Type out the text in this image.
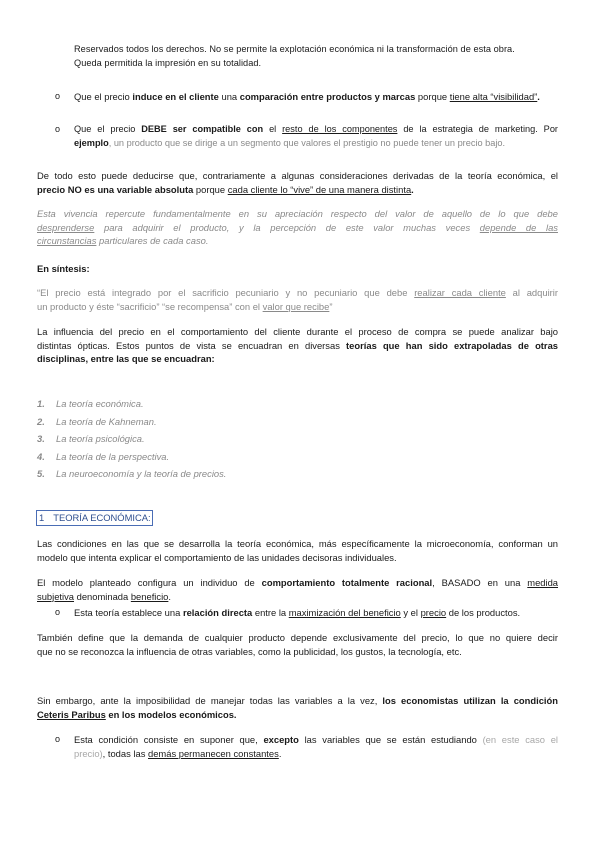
Reservados todos los derechos. No se permite la explotación económica ni la transformación de esta obra.
Queda permitida la impresión en su totalidad.

o Que el precio induce en el cliente una comparación entre productos y marcas porque tiene alta “visibilidad”.

o Que el precio DEBE ser compatible con el resto de los componentes de la estrategia de marketing. Por
ejemplo, un producto que se dirige a un segmento que valores el prestigio no puede tener un precio bajo.

De todo esto puede deducirse que, contrariamente a algunas consideraciones derivadas de la teoría económica, el
precio NO es una variable absoluta porque cada cliente lo “vive” de una manera distinta.

Esta vivencia repercute fundamentalmente en su apreciación respecto del valor de aquello de lo que debe
desprenderse para adquirir el producto, y la percepción de este valor muchas veces depende de las
circunstancias particulares de cada caso.

En síntesis:

“El precio está integrado por el sacrificio pecuniario y no pecuniario que debe realizar cada cliente al adquirir
un producto y éste “sacrificio” “se recompensa” con el valor que recibe”

La influencia del precio en el comportamiento del cliente durante el proceso de compra se puede analizar bajo
distintas ópticas. Estos puntos de vista se encuadran en diversas teorías que han sido extrapoladas de otras
disciplinas, entre las que se encuadran:

1. La teoría económica.
2. La teoría de Kahneman.
3. La teoría psicológica.
4. La teoría de la perspectiva.
5. La neuroeconomía y la teoría de precios.
1 TEORÍA ECONÓMICA:

Las condiciones en las que se desarrolla la teoría económica, más específicamente la microeconomía, conforman un
modelo que intenta explicar el comportamiento de las unidades decisoras individuales.

El modelo planteado configura un individuo de comportamiento totalmente racional, BASADO en una medida
subjetiva denominada beneficio.

o Esta teoría establece una relación directa entre la maximización del beneficio y el precio de los productos.

También define que la demanda de cualquier producto depende exclusivamente del precio, lo que no quiere decir
que no se reconozca la influencia de otras variables, como la publicidad, los gustos, la tecnología, etc.

Sin embargo, ante la imposibilidad de manejar todas las variables a la vez, los economistas utilizan la condición
Ceteris Paribus en los modelos económicos.

o Esta condición consiste en suponer que, excepto las variables que se están estudiando (en este caso el
precio), todas las demás permanecen constantes.
